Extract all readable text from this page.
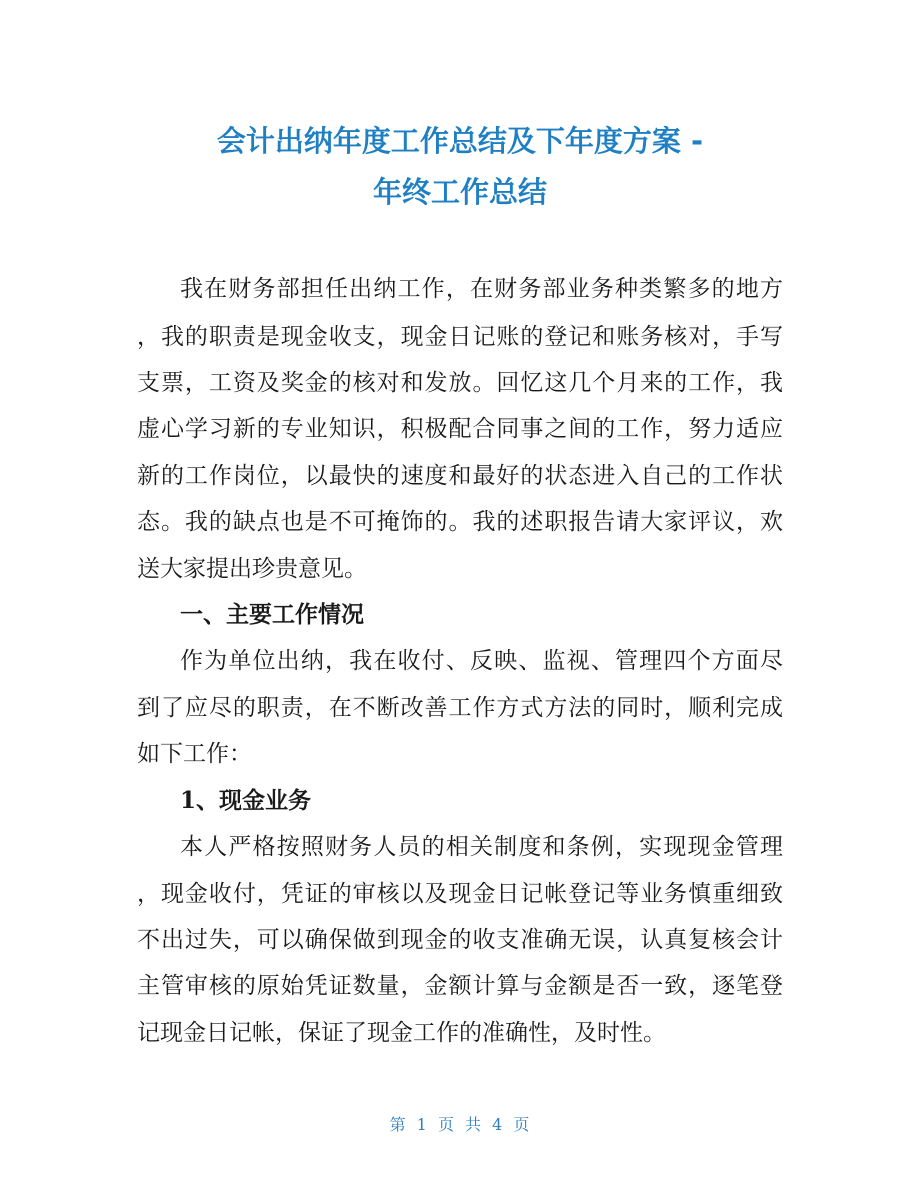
会计出纳年度工作总结及下年度方案 -
年终工作总结
我在财务部担任出纳工作，在财务部业务种类繁多的地方
，我的职责是现金收支，现金日记账的登记和账务核对，手写
支票，工资及奖金的核对和发放。回忆这几个月来的工作，我
虚心学习新的专业知识，积极配合同事之间的工作，努力适应
新的工作岗位，以最快的速度和最好的状态进入自己的工作状
态。我的缺点也是不可掩饰的。我的述职报告请大家评议，欢
送大家提出珍贵意见。
一、主要工作情况
作为单位出纳，我在收付、反映、监视、管理四个方面尽
到了应尽的职责，在不断改善工作方式方法的同时，顺利完成
如下工作：
1、现金业务
本人严格按照财务人员的相关制度和条例，实现现金管理
，现金收付，凭证的审核以及现金日记帐登记等业务慎重细致
不出过失，可以确保做到现金的收支准确无误，认真复核会计
主管审核的原始凭证数量，金额计算与金额是否一致，逐笔登
记现金日记帐，保证了现金工作的准确性，及时性。
第 1 页 共 4 页
